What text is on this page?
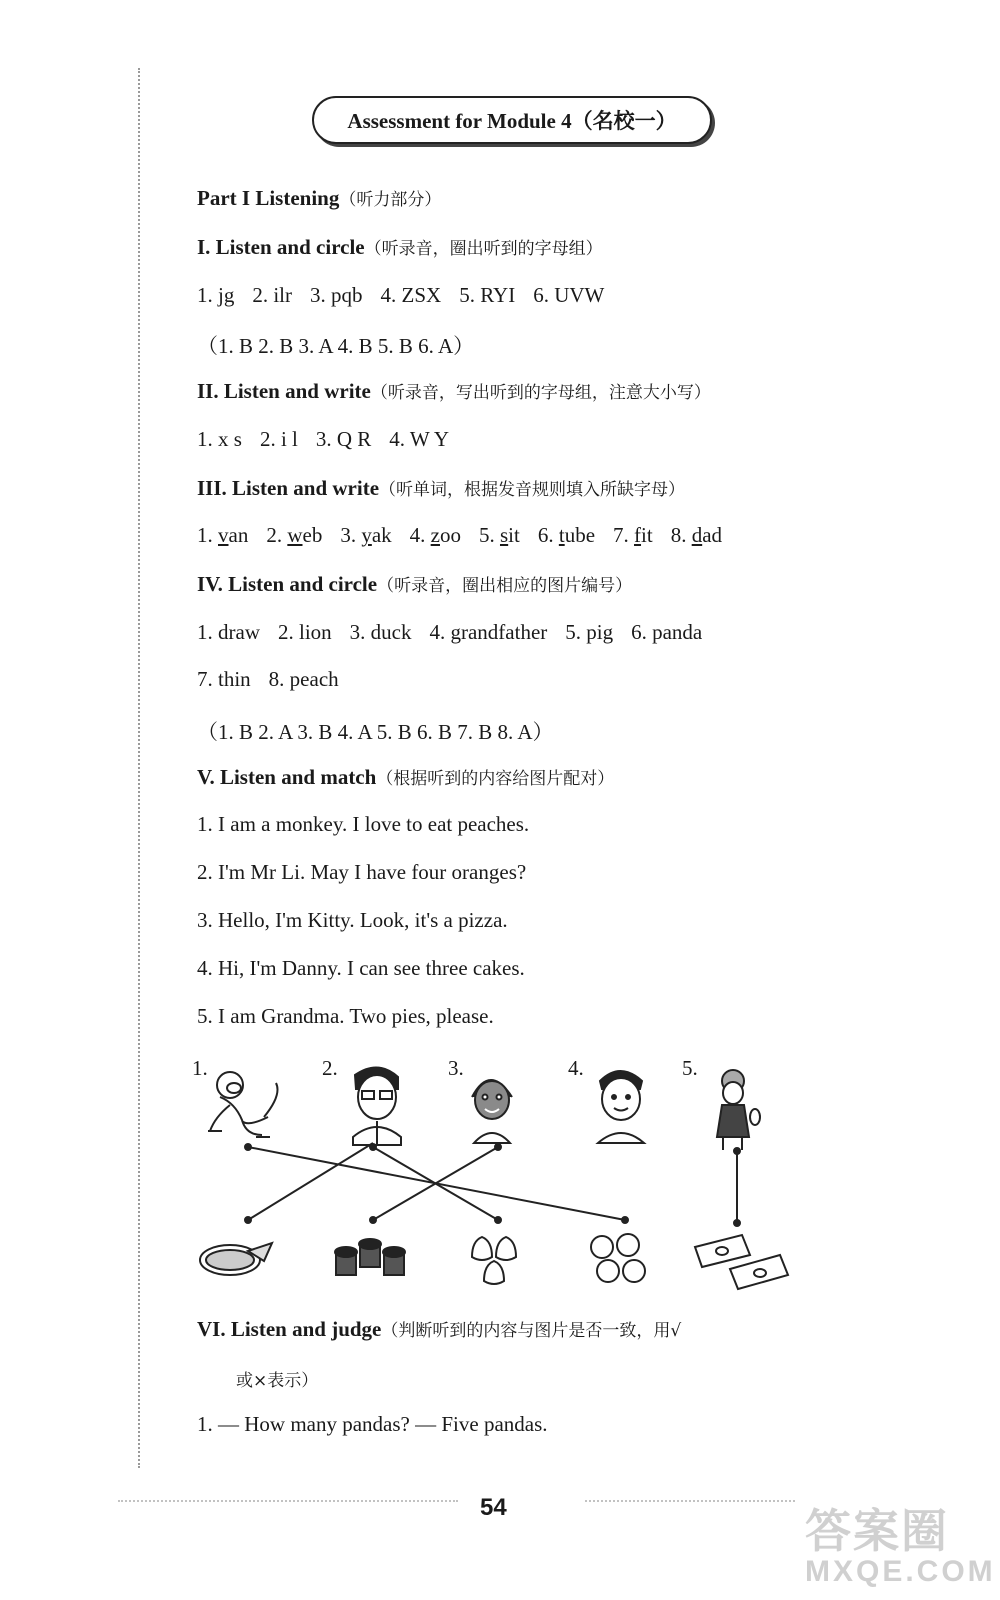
Assessment for Module 4（名校一）
Part I Listening（听力部分）
I. Listen and circle（听录音，圈出听到的字母组）
1. jg 2. ilr 3. pqb 4. ZSX 5. RYI 6. UVW
（1. B 2. B 3. A 4. B 5. B 6. A）
II. Listen and write（听录音，写出听到的字母组，注意大小写）
1. x s 2. i l 3. Q R 4. W Y
III. Listen and write（听单词，根据发音规则填入所缺字母）
1. van 2. web 3. yak 4. zoo 5. sit 6. tube 7. fit 8. dad
IV. Listen and circle（听录音，圈出相应的图片编号）
1. draw 2. lion 3. duck 4. grandfather 5. pig 6. panda
7. thin 8. peach
（1. B 2. A 3. B 4. A 5. B 6. B 7. B 8. A）
V. Listen and match（根据听到的内容给图片配对）
1. I am a monkey. I love to eat peaches.
2. I'm Mr Li. May I have four oranges?
3. Hello, I'm Kitty. Look, it's a pizza.
4. Hi, I'm Danny. I can see three cakes.
5. I am Grandma. Two pies, please.
1.	2.	3.	4.	5.
VI. Listen and judge（判断听到的内容与图片是否一致，用√
或×表示）
1. — How many pandas? — Five pandas.
54	答案圈
MXQE.COM
